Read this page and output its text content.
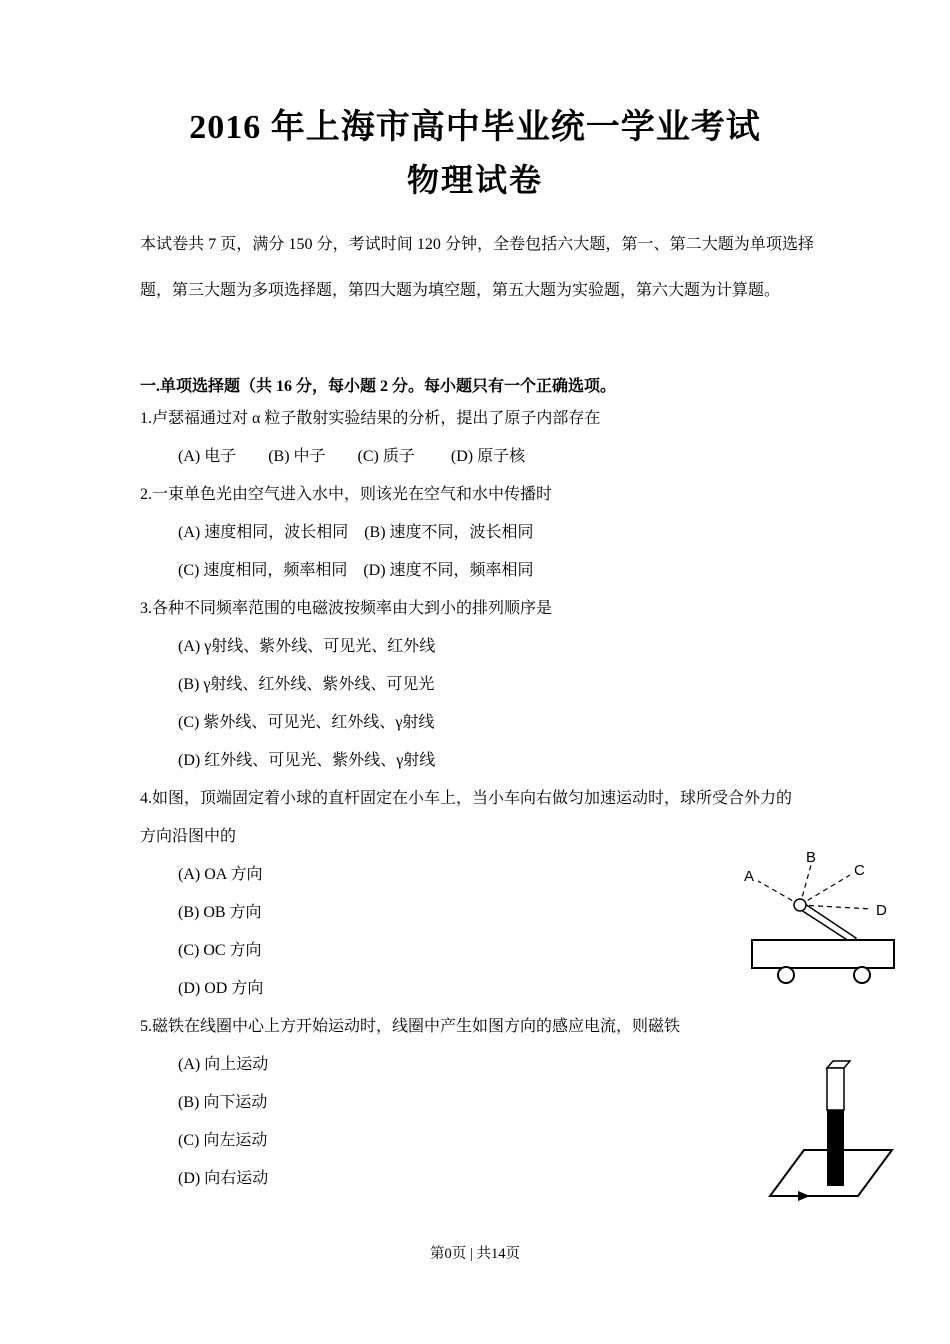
2016 年上海市高中毕业统一学业考试
物理试卷

本试卷共 7 页，满分 150 分，考试时间 120 分钟，全卷包括六大题，第一、第二大题为单项选择题，第三大题为多项选择题，第四大题为填空题，第五大题为实验题，第六大题为计算题。

一.单项选择题（共 16 分，每小题 2 分。每小题只有一个正确选项。
1.卢瑟福通过对 α 粒子散射实验结果的分析，提出了原子内部存在
(A) 电子        (B) 中子        (C) 质子         (D) 原子核
2.一束单色光由空气进入水中，则该光在空气和水中传播时
(A) 速度相同，波长相同    (B) 速度不同，波长相同
(C) 速度相同，频率相同    (D) 速度不同，频率相同
3.各种不同频率范围的电磁波按频率由大到小的排列顺序是
(A) γ射线、紫外线、可见光、红外线
(B) γ射线、红外线、紫外线、可见光
(C) 紫外线、可见光、红外线、γ射线
(D) 红外线、可见光、紫外线、γ射线
4.如图，顶端固定着小球的直杆固定在小车上，当小车向右做匀加速运动时，球所受合外力的
方向沿图中的
(A) OA 方向
(B) OB 方向
(C) OC 方向
(D) OD 方向
5.磁铁在线圈中心上方开始运动时，线圈中产生如图方向的感应电流，则磁铁
(A) 向上运动
(B) 向下运动
(C) 向左运动
(D) 向右运动
A
B
C
D
第0页 | 共14页
